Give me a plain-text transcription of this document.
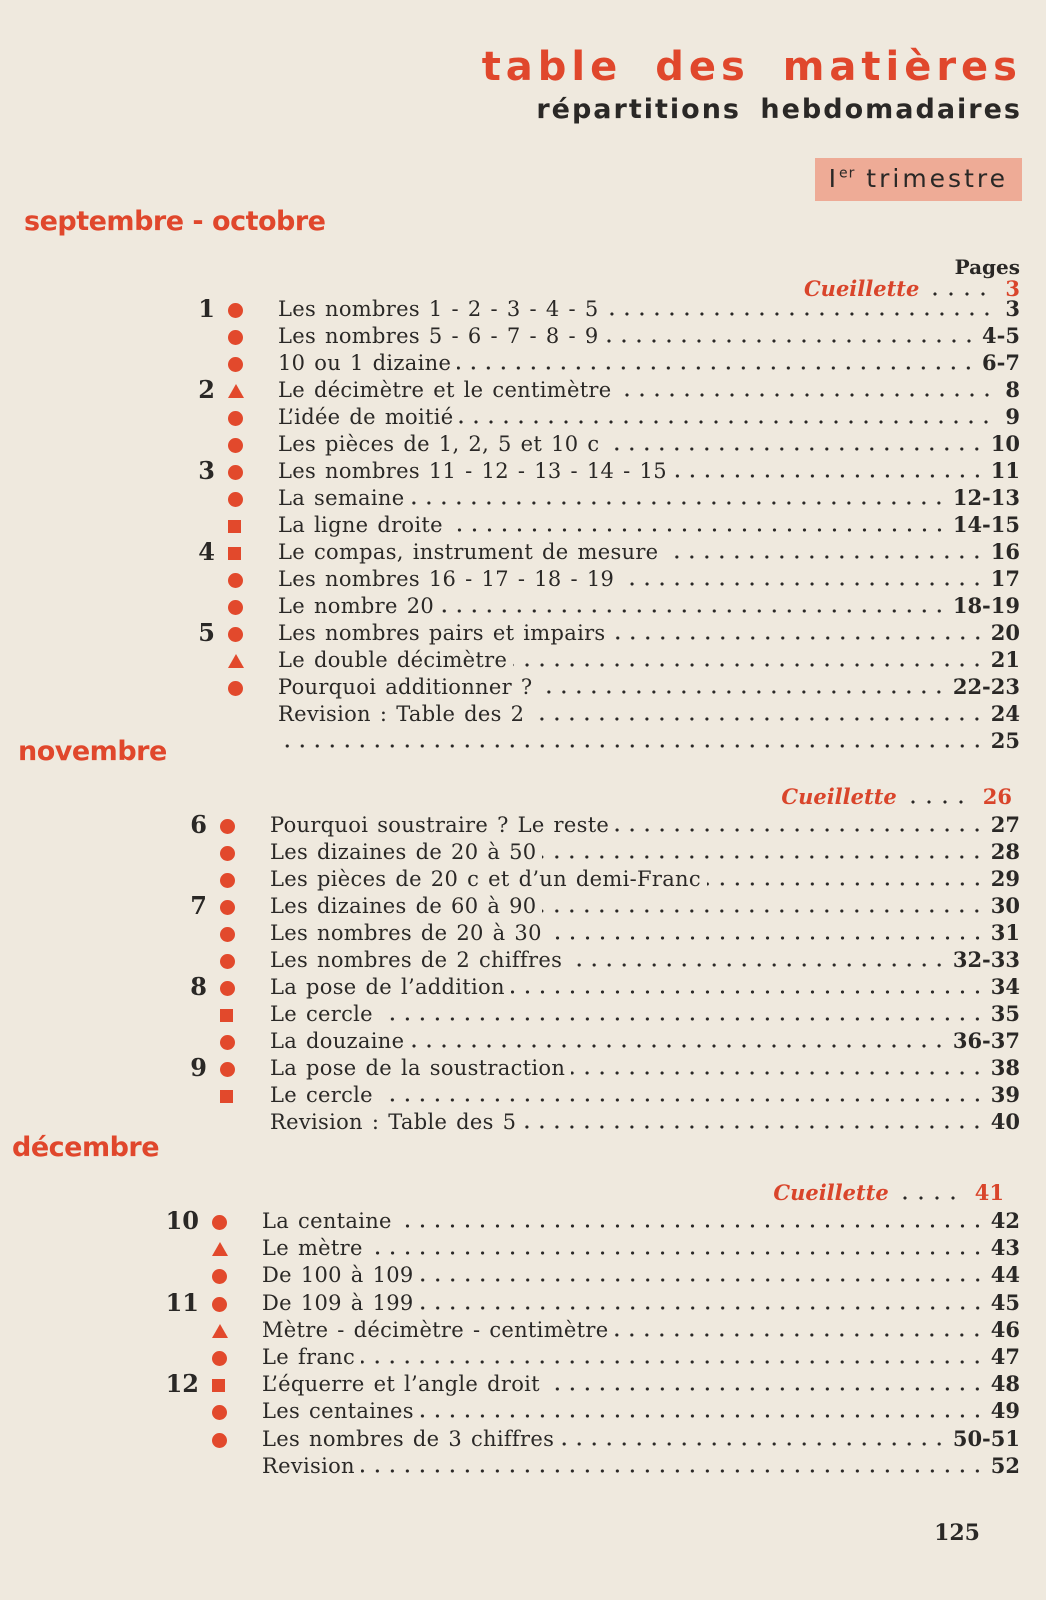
table des matières
répartitions hebdomadaires
Ier trimestre
Pages
septembre - octobre
Cueillette	3
1	Les nombres 1 - 2 - 3 - 4 - 5	3
Les nombres 5 - 6 - 7 - 8 - 9	4-5
10 ou 1 dizaine	6-7
2	Le décimètre et le centimètre	8
L’idée de moitié	9
Les pièces de 1, 2, 5 et 10 c	10
3	Les nombres 11 - 12 - 13 - 14 - 15	11
La semaine	12-13
La ligne droite	14-15
4	Le compas, instrument de mesure	16
Les nombres 16 - 17 - 18 - 19	17
Le nombre 20	18-19
5	Les nombres pairs et impairs	20
Le double décimètre	21
Pourquoi additionner ?	22-23
Revision : Table des 2	24
25
novembre
Cueillette	26
6	Pourquoi soustraire ? Le reste	27
Les dizaines de 20 à 50	28
Les pièces de 20 c et d’un demi-Franc	29
7	Les dizaines de 60 à 90	30
Les nombres de 20 à 30	31
Les nombres de 2 chiffres	32-33
8	La pose de l’addition	34
Le cercle	35
La douzaine	36-37
9	La pose de la soustraction	38
Le cercle	39
Revision : Table des 5	40
décembre
Cueillette	41
10	La centaine	42
Le mètre	43
De 100 à 109	44
11	De 109 à 199	45
Mètre - décimètre - centimètre	46
Le franc	47
12	L’équerre et l’angle droit	48
Les centaines	49
Les nombres de 3 chiffres	50-51
Revision	52
125
